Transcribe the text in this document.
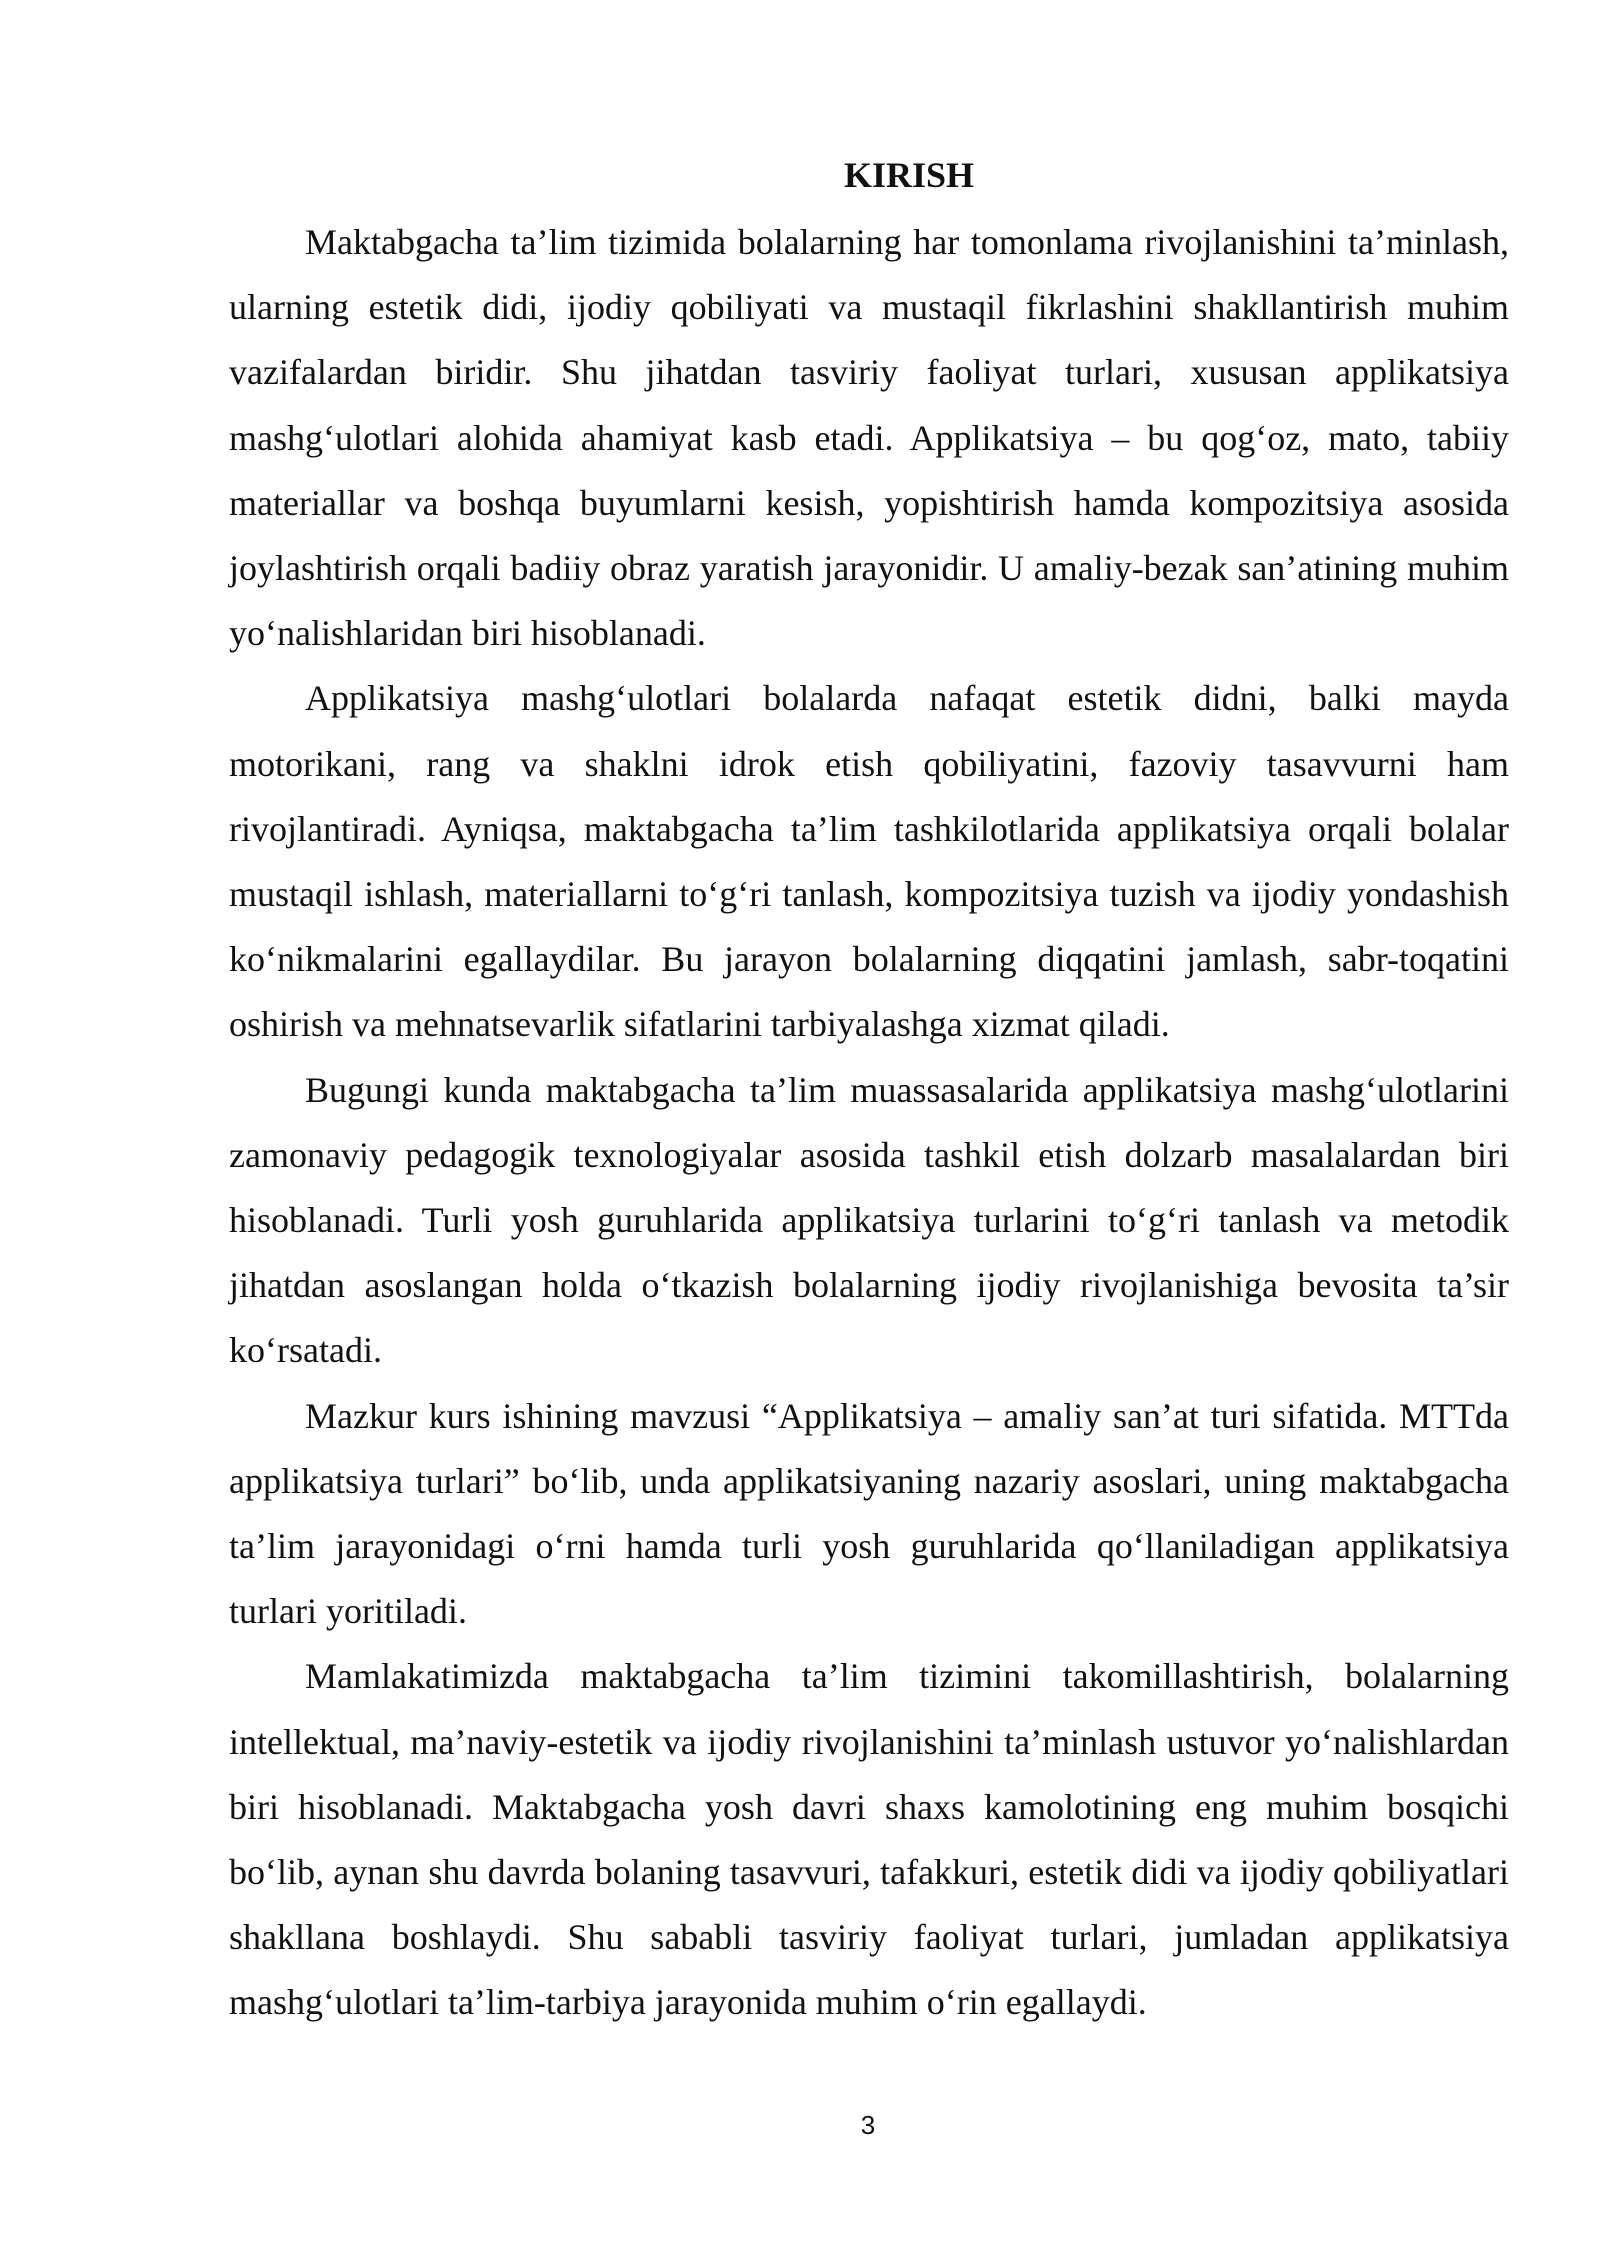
KIRISH

Maktabgacha ta’lim tizimida bolalarning har tomonlama rivojlanishini ta’minlash, ularning estetik didi, ijodiy qobiliyati va mustaqil fikrlashini shakllantirish muhim vazifalardan biridir. Shu jihatdan tasviriy faoliyat turlari, xususan applikatsiya mashg‘ulotlari alohida ahamiyat kasb etadi. Applikatsiya – bu qog‘oz, mato, tabiiy materiallar va boshqa buyumlarni kesish, yopishtirish hamda kompozitsiya asosida joylashtirish orqali badiiy obraz yaratish jarayonidir. U amaliy-bezak san’atining muhim yo‘nalishlaridan biri hisoblanadi.

Applikatsiya mashg‘ulotlari bolalarda nafaqat estetik didni, balki mayda motorikani, rang va shaklni idrok etish qobiliyatini, fazoviy tasavvurni ham rivojlantiradi. Ayniqsa, maktabgacha ta’lim tashkilotlarida applikatsiya orqali bolalar mustaqil ishlash, materiallarni to‘g‘ri tanlash, kompozitsiya tuzish va ijodiy yondashish ko‘nikmalarini egallaydilar. Bu jarayon bolalarning diqqatini jamlash, sabr-toqatini oshirish va mehnatsevarlik sifatlarini tarbiyalashga xizmat qiladi.

Bugungi kunda maktabgacha ta’lim muassasalarida applikatsiya mashg‘ulotlarini zamonaviy pedagogik texnologiyalar asosida tashkil etish dolzarb masalalardan biri hisoblanadi. Turli yosh guruhlarida applikatsiya turlarini to‘g‘ri tanlash va metodik jihatdan asoslangan holda o‘tkazish bolalarning ijodiy rivojlanishiga bevosita ta’sir ko‘rsatadi.

Mazkur kurs ishining mavzusi “Applikatsiya – amaliy san’at turi sifatida. MTTda applikatsiya turlari” bo‘lib, unda applikatsiyaning nazariy asoslari, uning maktabgacha ta’lim jarayonidagi o‘rni hamda turli yosh guruhlarida qo‘llaniladigan applikatsiya turlari yoritiladi.

Mamlakatimizda maktabgacha ta’lim tizimini takomillashtirish, bolalarning intellektual, ma’naviy-estetik va ijodiy rivojlanishini ta’minlash ustuvor yo‘nalishlardan biri hisoblanadi. Maktabgacha yosh davri shaxs kamolotining eng muhim bosqichi bo‘lib, aynan shu davrda bolaning tasavvuri, tafakkuri, estetik didi va ijodiy qobiliyatlari shakllana boshlaydi. Shu sababli tasviriy faoliyat turlari, jumladan applikatsiya mashg‘ulotlari ta’lim-tarbiya jarayonida muhim o‘rin egallaydi.

3
